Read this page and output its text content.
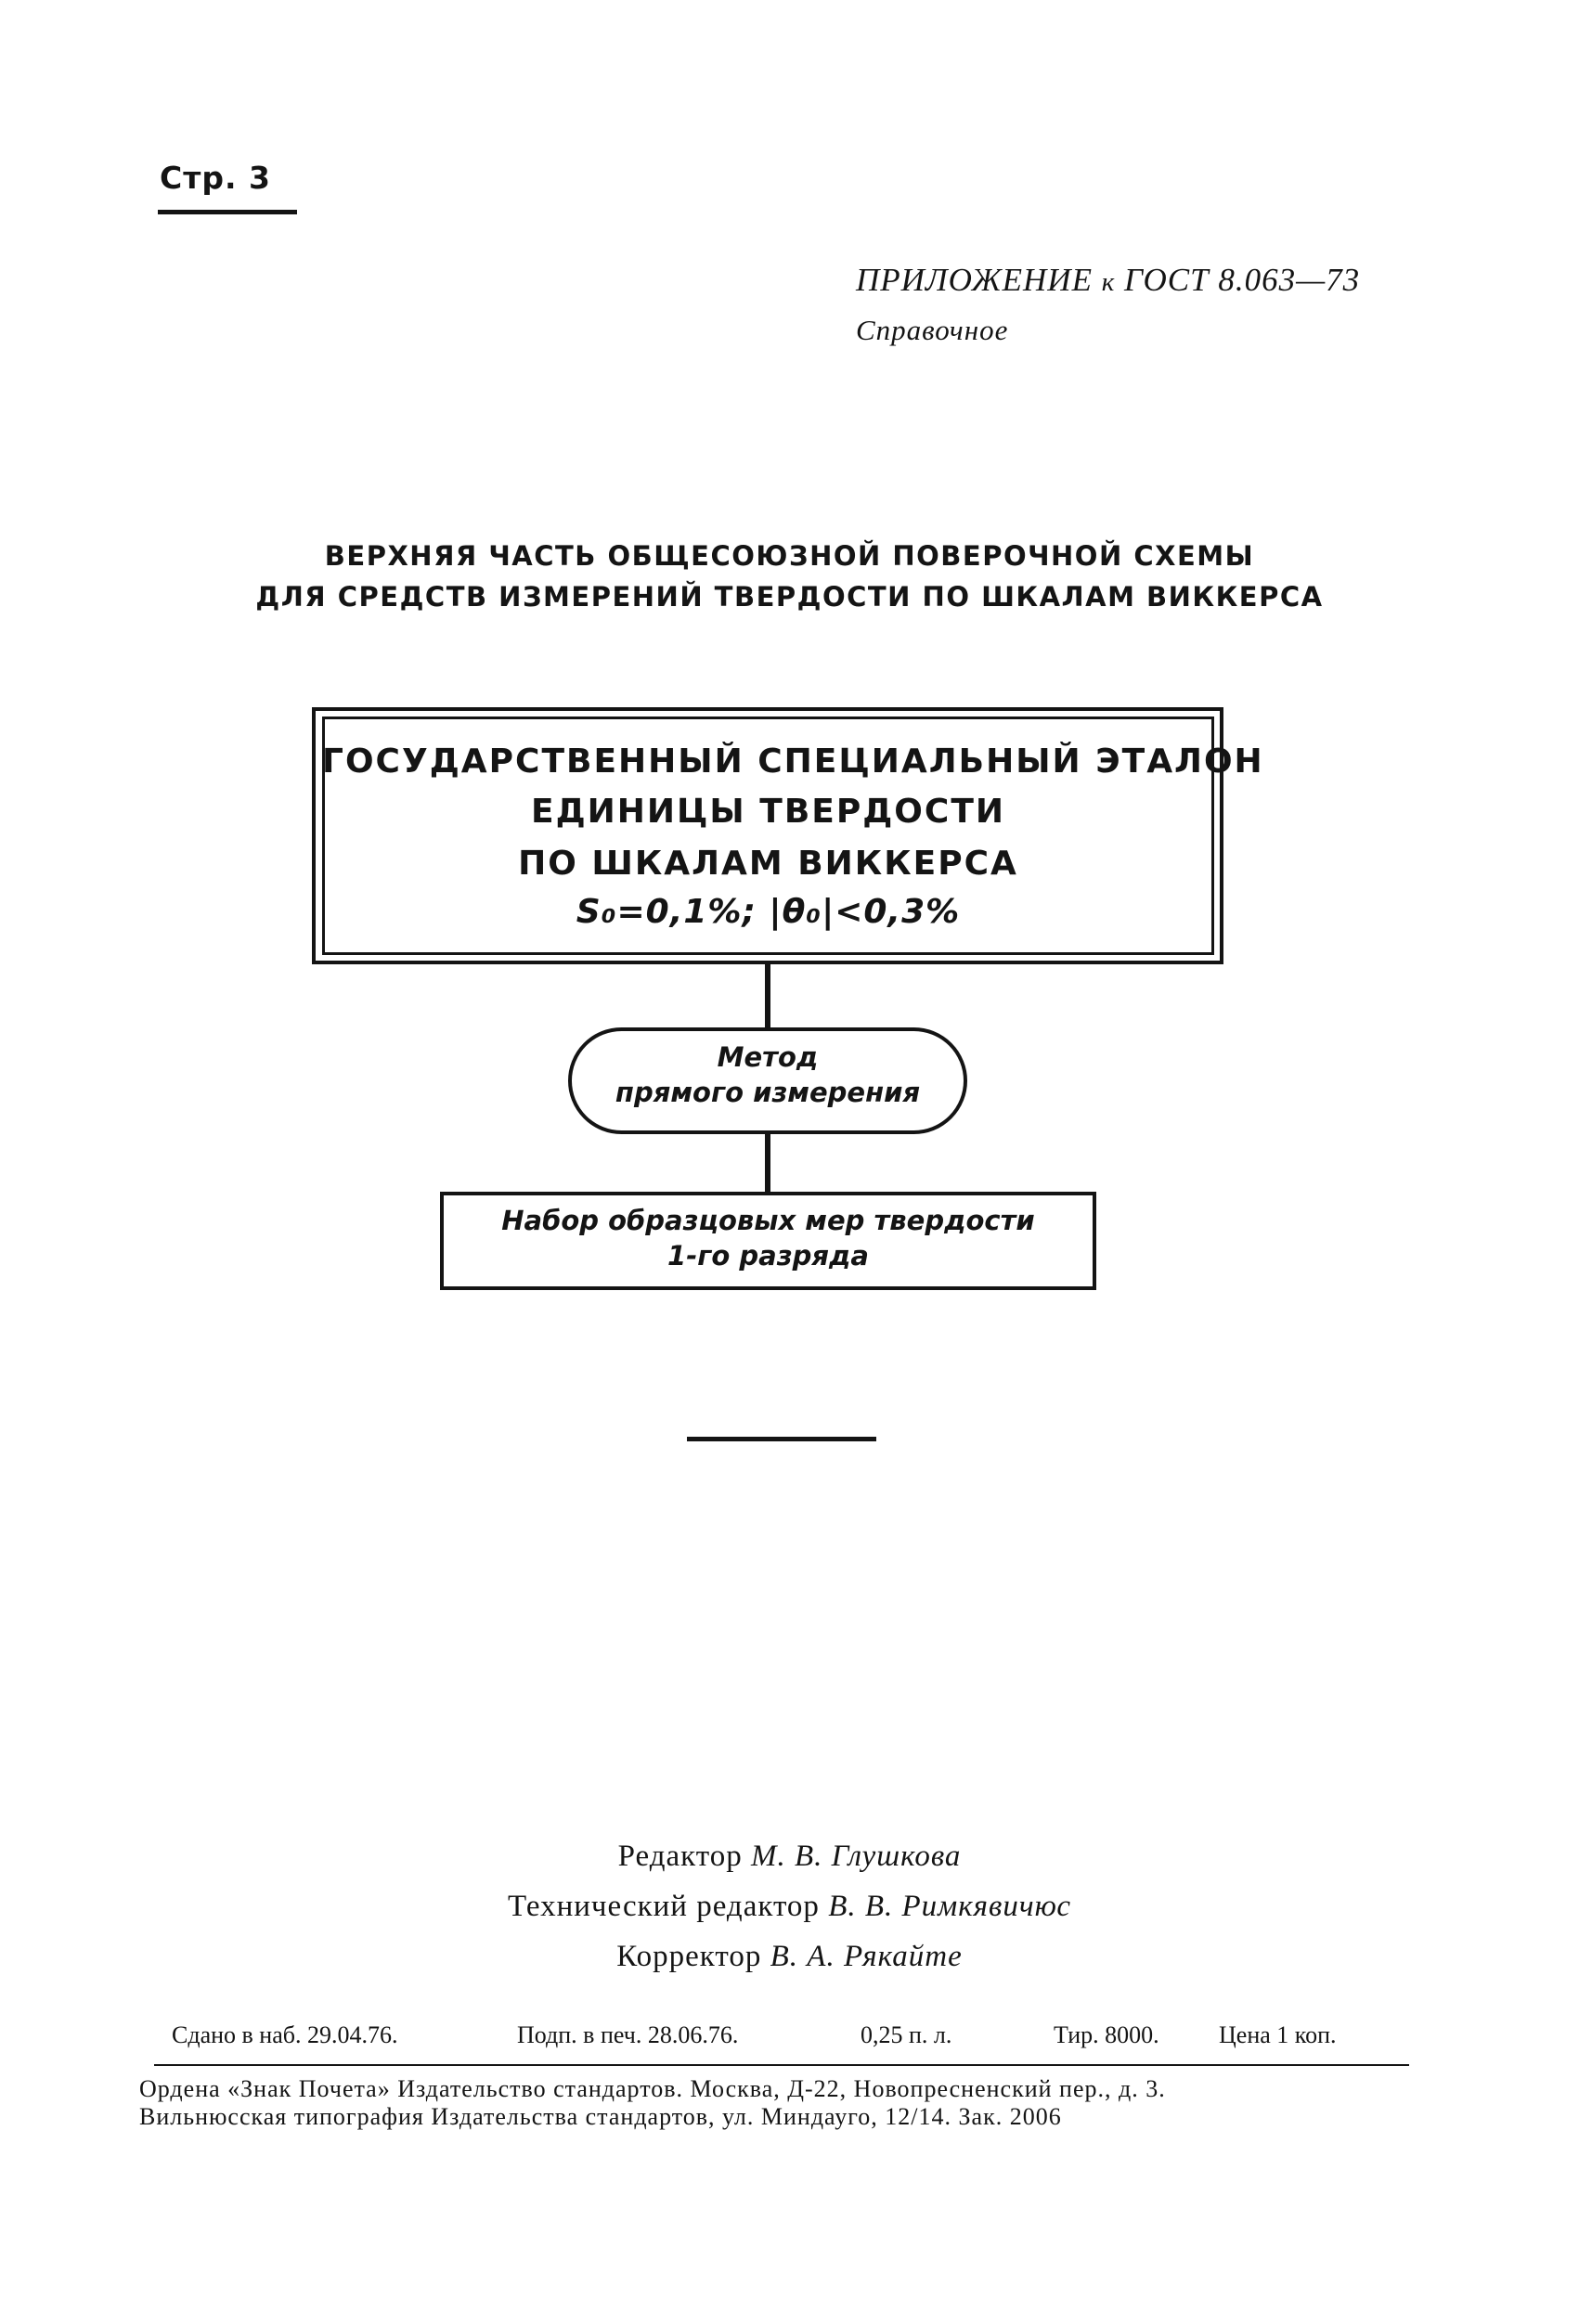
Стр. 3
ПРИЛОЖЕНИЕ к ГОСТ 8.063—73
Справочное
ВЕРХНЯЯ ЧАСТЬ ОБЩЕСОЮЗНОЙ ПОВЕРОЧНОЙ СХЕМЫ
ДЛЯ СРЕДСТВ ИЗМЕРЕНИЙ ТВЕРДОСТИ ПО ШКАЛАМ ВИККЕРСА
ГОСУДАРСТВЕННЫЙ СПЕЦИАЛЬНЫЙ ЭТАЛОН
ЕДИНИЦЫ ТВЕРДОСТИ
ПО ШКАЛАМ ВИККЕРСА
S₀=0,1%; |θ₀|<0,3%
Метод
прямого измерения
Набор образцовых мер твердости
1-го разряда
Редактор М. В. Глушкова
Технический редактор В. В. Римкявичюс
Корректор В. А. Рякайте
Сдано в наб. 29.04.76.	Подп. в печ. 28.06.76.	0,25 п. л.	Тир. 8000. Цена 1 коп.
Ордена «Знак Почета» Издательство стандартов. Москва, Д-22, Новопресненский пер., д. 3.
Вильнюсская типография Издательства стандартов, ул. Миндауго, 12/14. Зак. 2006
